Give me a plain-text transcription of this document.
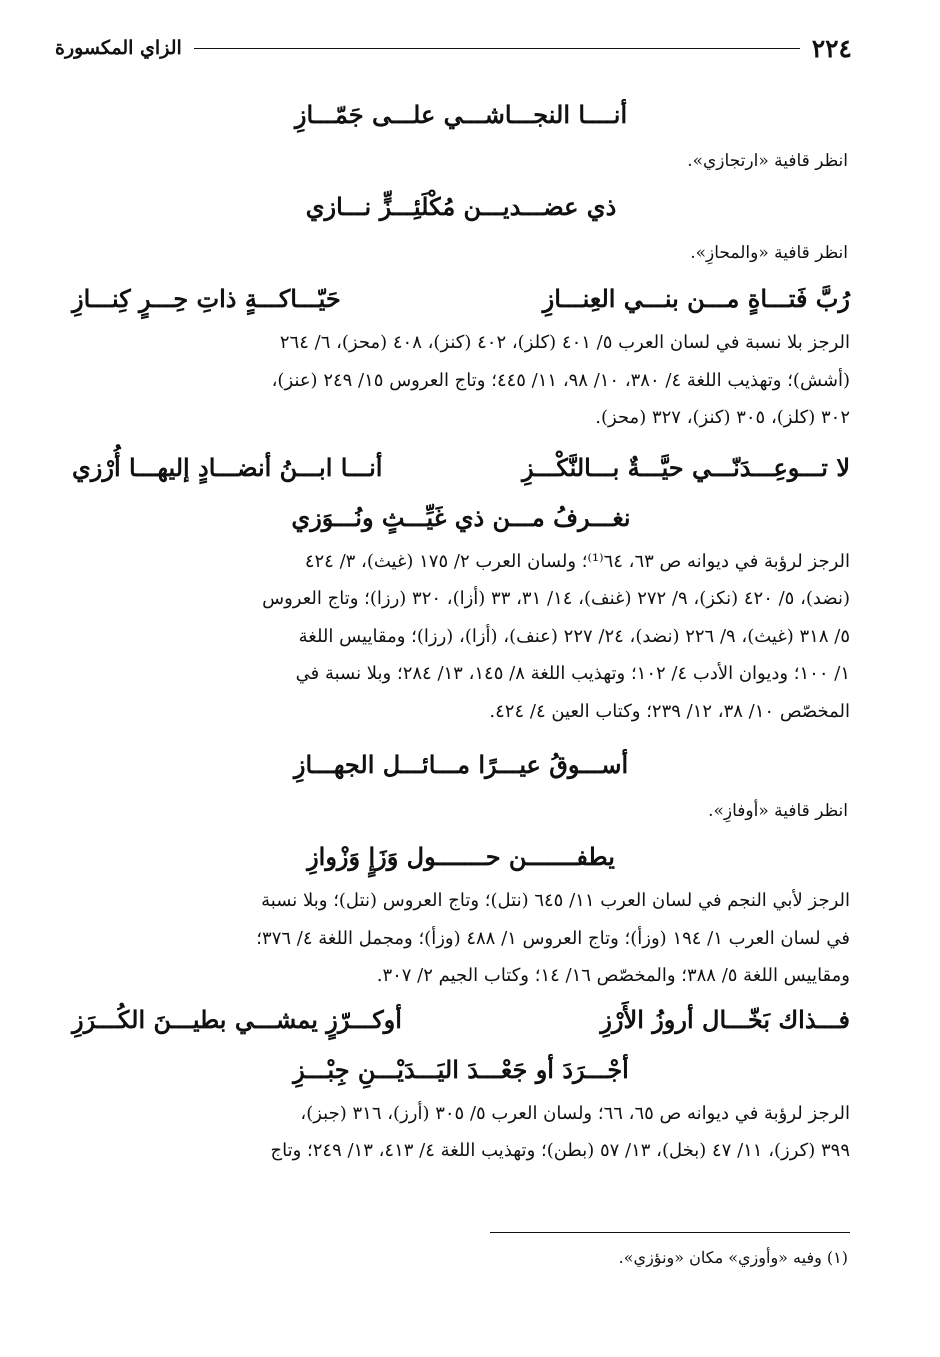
٢٢٤
الزاي المكسورة
أنــــا النجـــاشـــي علـــى جَمّـــازِ
انظر قافية «ارتجازي».
ذي عضـــديـــن مُكْلَئِـــزٍّ نـــازي
انظر قافية «والمحازِ».
رُبَّ فَتـــاةٍ مـــن بنـــي العِنـــازِ
حَيّـــاكـــةٍ ذاتِ حِـــرٍ كِنـــازِ
الرجز بلا نسبة في لسان العرب ٥/ ٤٠١ (كلز)، ٤٠٢ (كنز)، ٤٠٨ (محز)، ٦/ ٢٦٤
(أشش)؛ وتهذيب اللغة ٤/ ٣٨٠، ١٠/ ٩٨، ١١/ ٤٤٥؛ وتاج العروس ١٥/ ٢٤٩ (عنز)،
٣٠٢ (كلز)، ٣٠٥ (كنز)، ٣٢٧ (محز).
لا تـــوعِـــدَنّـــي حيَّـــةٌ بـــالنَّكْـــزِ
أنـــا ابـــنُ أنضـــادٍ إليهـــا أُرْزي
نغـــرفُ مـــن ذي غَيِّـــثٍ ونُـــوَزي
الرجز لرؤبة في ديوانه ص ٦٣، ٦٤⁽¹⁾؛ ولسان العرب ٢/ ١٧٥ (غيث)، ٣/ ٤٢٤
(نضد)، ٥/ ٤٢٠ (نكز)، ٩/ ٢٧٢ (غنف)، ١٤/ ٣١، ٣٣ (أزا)، ٣٢٠ (رزا)؛ وتاج العروس
٥/ ٣١٨ (غيث)، ٩/ ٢٢٦ (نضد)، ٢٤/ ٢٢٧ (عنف)، (أزا)، (رزا)؛ ومقاييس اللغة
١/ ١٠٠؛ وديوان الأدب ٤/ ١٠٢؛ وتهذيب اللغة ٨/ ١٤٥، ١٣/ ٢٨٤؛ وبلا نسبة في
المخصّص ١٠/ ٣٨، ١٢/ ٢٣٩؛ وكتاب العين ٤/ ٤٢٤.
أســـوقُ عيـــرًا مـــائـــل الجهـــازِ
انظر قافية «أوفازِ».
يطفـــــــن حـــــــول وَزَإٍ وَزْوازِ
الرجز لأبي النجم في لسان العرب ١١/ ٦٤٥ (نتل)؛ وتاج العروس (نتل)؛ وبلا نسبة
في لسان العرب ١/ ١٩٤ (وزأ)؛ وتاج العروس ١/ ٤٨٨ (وزأ)؛ ومجمل اللغة ٤/ ٣٧٦؛
ومقاييس اللغة ٥/ ٣٨٨؛ والمخصّص ١٦/ ١٤؛ وكتاب الجيم ٢/ ٣٠٧.
فـــذاك بَخّـــال أروزُ الأَرْزِ
أوكـــرّزٍ يمشـــي بطيـــنَ الكُـــرَزِ
أجْـــرَدَ أو جَعْـــدَ اليَـــدَيْـــنِ جِبْـــزِ
الرجز لرؤبة في ديوانه ص ٦٥، ٦٦؛ ولسان العرب ٥/ ٣٠٥ (أرز)، ٣١٦ (جبز)،
٣٩٩ (كرز)، ١١/ ٤٧ (بخل)، ١٣/ ٥٧ (بطن)؛ وتهذيب اللغة ٤/ ٤١٣، ١٣/ ٢٤٩؛ وتاج
(١) وفيه «وأوزي» مكان «ونؤزي».
